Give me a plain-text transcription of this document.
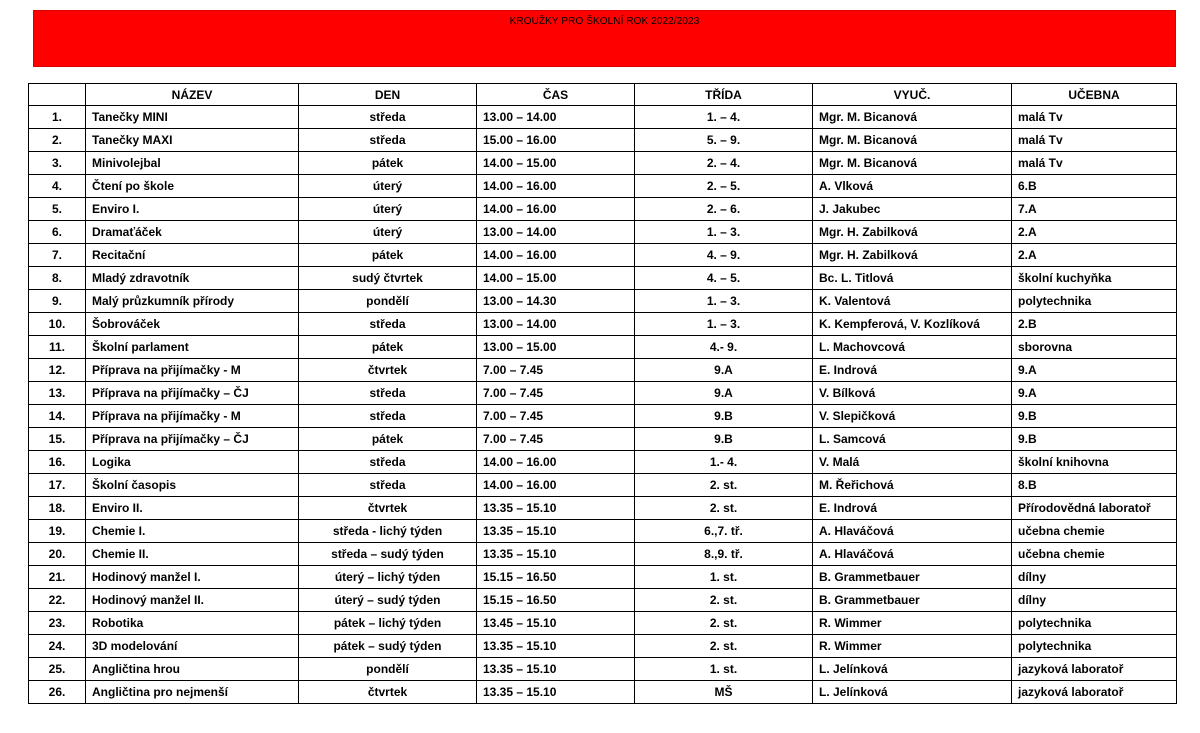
KROUŽKY PRO ŠKOLNÍ ROK 2022/2023
	NÁZEV	DEN	ČAS	TŘÍDA	VYUČ.	UČEBNA
1.	Tanečky MINI	středa	13.00 – 14.00	1. – 4.	Mgr. M. Bicanová	malá Tv
2.	Tanečky MAXI	středa	15.00 – 16.00	5. – 9.	Mgr. M. Bicanová	malá Tv
3.	Minivolejbal	pátek	14.00 – 15.00	2. – 4.	Mgr. M. Bicanová	malá Tv
4.	Čtení po škole	úterý	14.00 – 16.00	2. – 5.	A. Vlková	6.B
5.	Enviro I.	úterý	14.00 – 16.00	2. – 6.	J. Jakubec	7.A
6.	Dramaťáček	úterý	13.00 – 14.00	1. – 3.	Mgr. H. Zabilková	2.A
7.	Recitační	pátek	14.00 – 16.00	4. – 9.	Mgr. H. Zabilková	2.A
8.	Mladý zdravotník	sudý čtvrtek	14.00 – 15.00	4. – 5.	Bc. L. Titlová	školní kuchyňka
9.	Malý průzkumník přírody	pondělí	13.00 – 14.30	1. – 3.	K. Valentová	polytechnika
10.	Šobrováček	středa	13.00 – 14.00	1. – 3.	K. Kempferová, V. Kozlíková	2.B
11.	Školní parlament	pátek	13.00 – 15.00	4.- 9.	L. Machovcová	sborovna
12.	Příprava na přijímačky - M	čtvrtek	7.00 – 7.45	9.A	E. Indrová	9.A
13.	Příprava na přijímačky – ČJ	středa	7.00 – 7.45	9.A	V. Bílková	9.A
14.	Příprava na přijímačky - M	středa	7.00 – 7.45	9.B	V. Slepičková	9.B
15.	Příprava na přijímačky – ČJ	pátek	7.00 – 7.45	9.B	L. Samcová	9.B
16.	Logika	středa	14.00 – 16.00	1.- 4.	V. Malá	školní knihovna
17.	Školní časopis	středa	14.00 – 16.00	2. st.	M. Řeřichová	8.B
18.	Enviro II.	čtvrtek	13.35 – 15.10	2. st.	E. Indrová	Přírodovědná laboratoř
19.	Chemie I.	středa - lichý týden	13.35 – 15.10	6.,7. tř.	A. Hlaváčová	učebna chemie
20.	Chemie II.	středa – sudý týden	13.35 – 15.10	8.,9. tř.	A. Hlaváčová	učebna chemie
21.	Hodinový manžel I.	úterý – lichý týden	15.15 – 16.50	1. st.	B. Grammetbauer	dílny
22.	Hodinový manžel II.	úterý – sudý týden	15.15 – 16.50	2. st.	B. Grammetbauer	dílny
23.	Robotika	pátek – lichý týden	13.45 – 15.10	2. st.	R. Wimmer	polytechnika
24.	3D modelování	pátek – sudý týden	13.35 – 15.10	2. st.	R. Wimmer	polytechnika
25.	Angličtina hrou	pondělí	13.35 – 15.10	1. st.	L. Jelínková	jazyková laboratoř
26.	Angličtina pro nejmenší	čtvrtek	13.35 – 15.10	MŠ	L. Jelínková	jazyková laboratoř
